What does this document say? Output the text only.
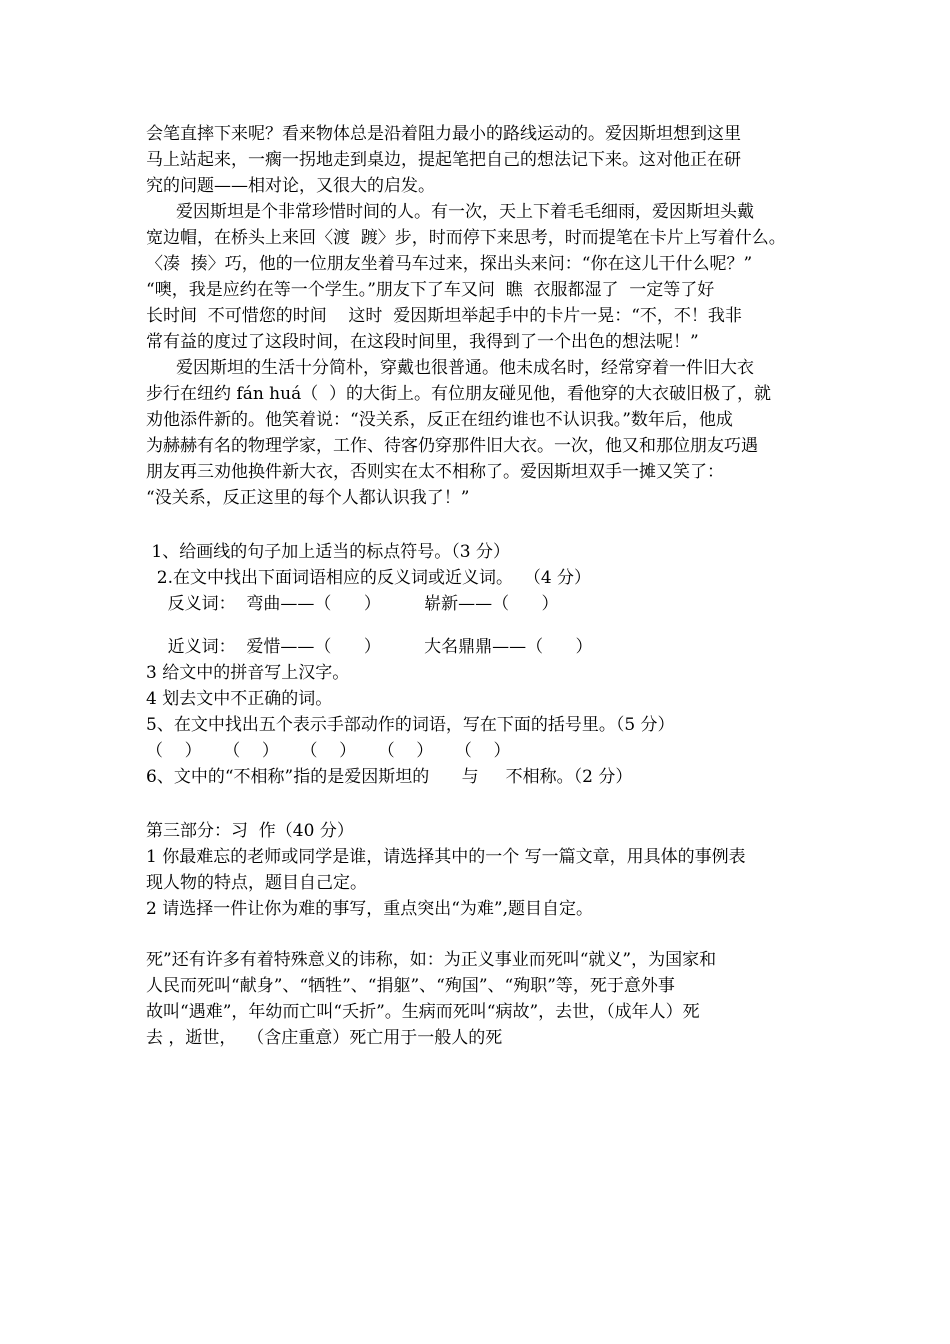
会笔直摔下来呢？看来物体总是沿着阻力最小的路线运动的。爱因斯坦想到这里
马上站起来，一瘸一拐地走到桌边，提起笔把自己的想法记下来。这对他正在研
究的问题——相对论，又很大的启发。
爱因斯坦是个非常珍惜时间的人。有一次，天上下着毛毛细雨，爱因斯坦头戴
宽边帽，在桥头上来回〈渡  踱〉步，时而停下来思考，时而提笔在卡片上写着什么。
〈凑  揍〉巧，他的一位朋友坐着马车过来，探出头来问：“你在这儿干什么呢？”
“噢，我是应约在等一个学生。”朋友下了车又问  瞧  衣服都湿了  一定等了好
长时间  不可惜您的时间    这时  爱因斯坦举起手中的卡片一晃：“不，不！我非
常有益的度过了这段时间，在这段时间里，我得到了一个出色的想法呢！”
爱因斯坦的生活十分简朴，穿戴也很普通。他未成名时，经常穿着一件旧大衣
步行在纽约 fán huá（  ）的大街上。有位朋友碰见他，看他穿的大衣破旧极了，就
劝他添件新的。他笑着说：“没关系，反正在纽约谁也不认识我。”数年后，他成
为赫赫有名的物理学家，工作、待客仍穿那件旧大衣。一次，他又和那位朋友巧遇
朋友再三劝他换件新大衣，否则实在太不相称了。爱因斯坦双手一摊又笑了：
“没关系，反正这里的每个人都认识我了！”
1、给画线的句子加上适当的标点符号。（3 分）
2.在文中找出下面词语相应的反义词或近义词。  （4 分）
反义词：  弯曲——（      ）        崭新——（      ）
近义词：  爱惜——（      ）        大名鼎鼎——（      ）
3 给文中的拼音写上汉字。
4 划去文中不正确的词。
5、在文中找出五个表示手部动作的词语，写在下面的括号里。（5 分）
（    ）    （    ）    （    ）    （    ）    （    ）
6、文中的“不相称”指的是爱因斯坦的      与     不相称。（2 分）
第三部分：习  作（40 分）
1 你最难忘的老师或同学是谁，请选择其中的一个 写一篇文章，用具体的事例表
现人物的特点，题目自己定。
2 请选择一件让你为难的事写，重点突出“为难”,题目自定。
死”还有许多有着特殊意义的讳称，如：为正义事业而死叫“就义”，为国家和
人民而死叫“献身”、“牺牲”、“捐躯”、“殉国”、“殉职”等，死于意外事
故叫“遇难”，年幼而亡叫“夭折”。生病而死叫“病故”，去世，（成年人）死
去 ，逝世，  （含庄重意）死亡用于一般人的死
